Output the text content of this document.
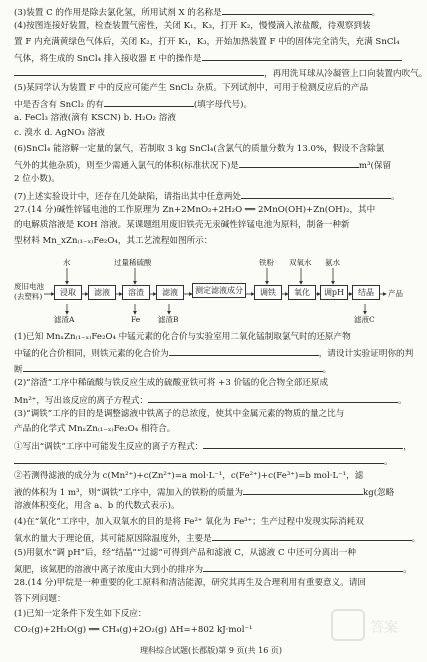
(3)装置 C 的作用是除去氯化氢，所用试剂 X 的名称是	。
(4)按图连接好装置，检查装置气密性，关闭 K₁，K₃，打开 K₂，慢慢滴入浓盐酸，待观察到装
置 F 内充满黄绿色气体后，关闭 K₂，打开 K₁，K₃，开始加热装置 F 中的固体完全消失，充满 SnCl₄
气体，将生成的 SnCl₄ 排入接收器 E 中的操作是
，再用洗耳球从冷凝管上口向装置内吹气。
(5)某同学认为装置 F 中的反应可能产生 SnCl₂ 杂质。下列试剂中，可用于检测反应后的产品
中是否含有 SnCl₂ 的有	(填字母代号)。
a. FeCl₃ 溶液(滴有 KSCN) b. H₂O₂ 溶液
c. 溴水 d. AgNO₃ 溶液
(6)SnCl₄ 能溶解一定量的氯气，若制取 3 kg SnCl₄(含氯气的质量分数为 13.0%，假设不含除氯
气外的其他杂质)，则至少需通入氯气的体积(标准状况下)是	m³(保留
2 位小数)。
(7)上述实验设计中，还存在几处缺陷，请指出其中任意两处	。
27.(14 分)碱性锌锰电池的工作原理为 Zn+2MnO₂+2H₂O ══ 2MnO(OH)+Zn(OH)₂，其中
的电解质溶液是 KOH 溶液。某课题组用废旧铁壳无汞碱性锌锰电池为原料，制备一种新
型材料 Mn_xZn₍₁₋ₓ₎Fe₂O₄，其工艺流程如图所示：
废旧电池(去塑料)	浸取	滤液	溶渣	滤液	测定滤液成分	调铁	氧化	调pH	结晶	产品
水	过量稀硫酸	铁粉 双氧水 氨水
滤渣A	Fe 滤渣B	滤液C
(1)已知 MnₓZn₍₁₋ₓ₎Fe₂O₄ 中锰元素的化合价与实验室用二氧化锰制取氯气时的还原产物
中锰的化合价相同，则铁元素的化合价为	，请设计实验证明你的判
断	。
(2)“溶渣”工序中稀硫酸与铁反应生成的硫酸亚铁可将 +3 价锰的化合物全部还原成
Mn²⁺，写出该反应的离子方程式：	。
(3)“调铁”工序的目的是调整滤液中铁离子的总浓度，使其中金属元素的物质的量之比与
产品的化学式 MnₓZn₍₁₋ₓ₎Fe₂O₄ 相符合。
①写出“调铁”工序中可能发生反应的离子方程式：	，
。
②若测得滤液的成分为 c(Mn²⁺)+c(Zn²⁺)=a mol·L⁻¹，c(Fe²⁺)+c(Fe³⁺)=b mol·L⁻¹，滤
液的体积为 1 m³，则“调铁”工序中，需加入的铁粉的质量为	kg(忽略
溶液体积变化，用含 a、b 的代数式表示)。
(4)在“氧化”工序中，加入双氧水的目的是将 Fe²⁺ 氧化为 Fe³⁺；生产过程中发现实际消耗双
氧水的量大于理论值，其可能原因除温度外，主要是	。
(5)用氨水“调 pH”后，经“结晶”“过滤”可得到产品和滤液 C，从滤液 C 中还可分离出一种
氮肥，该氮肥的溶液中离子浓度由大到小的排序为	。
28.(14 分)甲烷是一种重要的化工原料和清洁能源，研究其再生及合理利用有重要意义。请回
答下列问题：
(1)已知一定条件下发生如下反应：
CO₂(g)+2H₂O(g) ══ CH₄(g)+2O₂(g) ΔH=+802 kJ·mol⁻¹	答案
理科综合试题(长郡版)第 9 页(共 16 页)
